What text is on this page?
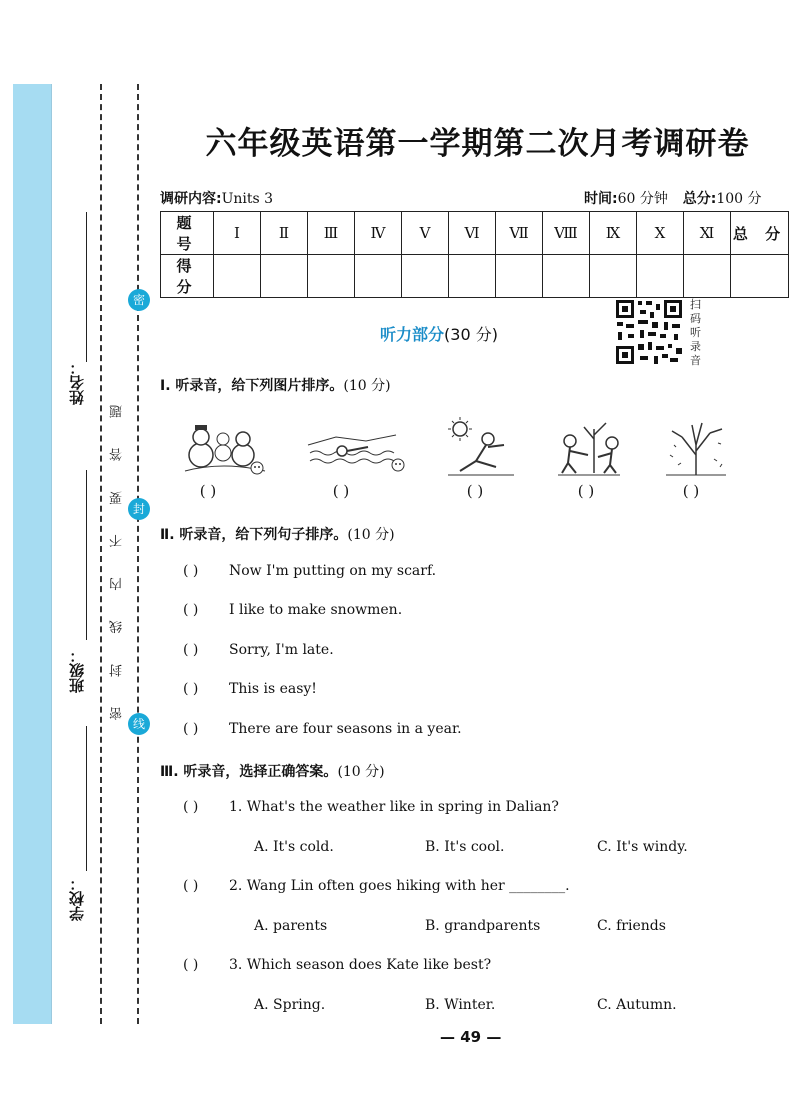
姓名：
班级：
学校：
密 封 线 内 不 要 答 题
密
封
线
六年级英语第一学期第二次月考调研卷
调研内容:Units 3	时间:60 分钟 总分:100 分
题 号	Ⅰ	Ⅱ	Ⅲ	Ⅳ	Ⅴ	Ⅵ	Ⅶ	Ⅷ	Ⅸ	Ⅹ	Ⅺ	总 分
得 分												
听力部分(30 分)
扫码听录音
Ⅰ. 听录音，给下列图片排序。(10 分)
( )	( )	( )	( )	( )
Ⅱ. 听录音，给下列句子排序。(10 分)
( ) Now I'm putting on my scarf.
( ) I like to make snowmen.
( ) Sorry, I'm late.
( ) This is easy!
( ) There are four seasons in a year.
Ⅲ. 听录音，选择正确答案。(10 分)
( ) 1. What's the weather like in spring in Dalian?
A. It's cold.	B. It's cool.	C. It's windy.
( ) 2. Wang Lin often goes hiking with her ________.
A. parents	B. grandparents	C. friends
( ) 3. Which season does Kate like best?
A. Spring.	B. Winter.	C. Autumn.
— 49 —
